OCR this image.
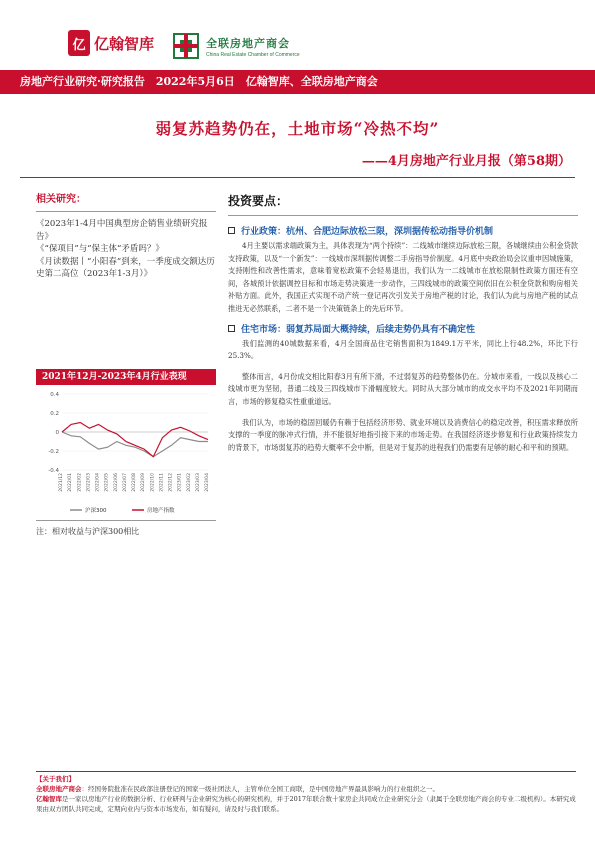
亿 亿翰智库	全联房地产商会
China Real Estate Chamber of Commerce
房地产行业研究·研究报告　2022年5月6日　亿翰智库、全联房地产商会
弱复苏趋势仍在，土地市场“冷热不均”
——4月房地产行业月报（第58期）
相关研究：
《2023年1-4月中国典型房企销售业绩研究报告》
《“保项目”与”保主体“矛盾吗？》
《月读数据丨“小阳春”到来，一季度成交额达历史第二高位（2023年1-3月）》
2021年12月-2023年4月行业表现
0.4
0.2
0
-0.2
-0.4
2021/12 2022/01 2022/02 2022/03 2022/04 2022/05 2022/06 2022/07 2022/08 2022/09 2022/10 2022/11 2022/12 2023/01 2023/02 2023/03 2023/04
沪深300	房地产指数
注：相对收益与沪深300相比
投资要点：
行业政策：杭州、合肥边际放松三限，深圳据传松动指导价机制

4月主要以需求端政策为主，具体表现为“两个持续”：二线城市继续边际放松三限，各城继续由公积金贷款支持政策，以及“一个新发”：一线城市深圳据传调整二手房指导价制度。4月底中央政治局会议重申因城施策，支持刚性和改善性需求，意味着宽松政策不会轻易退出，我们认为一二线城市在放松限制性政策方面还有空间，各城预计依据调控目标和市场走势决策进一步动作，三四线城市的政策空间依旧在公积金贷款和购房相关补贴方面。此外，我国正式实现不动产统一登记再次引发关于房地产税的讨论，我们认为此与房地产税的试点推进无必然联系，二者不是一个决策链条上的先后环节。

住宅市场：弱复苏局面大概持续，后续走势仍具有不确定性

我们监测的40城数据来看，4月全国商品住宅销售面积为1849.1万平米，同比上行48.2%，环比下行25.3%。

整体而言，4月份成交相比阳春3月有所下滑，不过弱复苏的趋势整体仍在。分城市来看，一线以及核心二线城市更为坚韧，普通二线及三四线城市下滑幅度较大。同时从大部分城市的成交水平均不及2021年同期而言，市场的修复稳实性重重道远。

我们认为，市场的稳固回暖仍有赖于包括经济形势、就业环境以及消费信心的稳定改善，积压需求释放所支撑的一季度的脉冲式行情，并不能很好地指引接下来的市场走势。在我国经济逐步修复和行业政策持续发力的背景下，市场弱复苏的趋势大概率不会中断，但是对于复苏的进程我们仍需要有足够的耐心和平和的预期。

【关于我们】
全联房地产商会：经国务院批准在民政部注册登记的国家一级社团法人，主管单位全国工商联，是中国房地产界最具影响力的行业组织之一。
亿翰智库是一家以房地产行业的数据分析、行业研判与企业研究为核心的研究机构，并于2017年联合数十家房企共同成立企业研究分会（隶属于全联房地产商会的专业二级机构）。本研究成果由双方团队共同完成，定期向业内与资本市场发布，如有疑问，请及时与我们联系。
